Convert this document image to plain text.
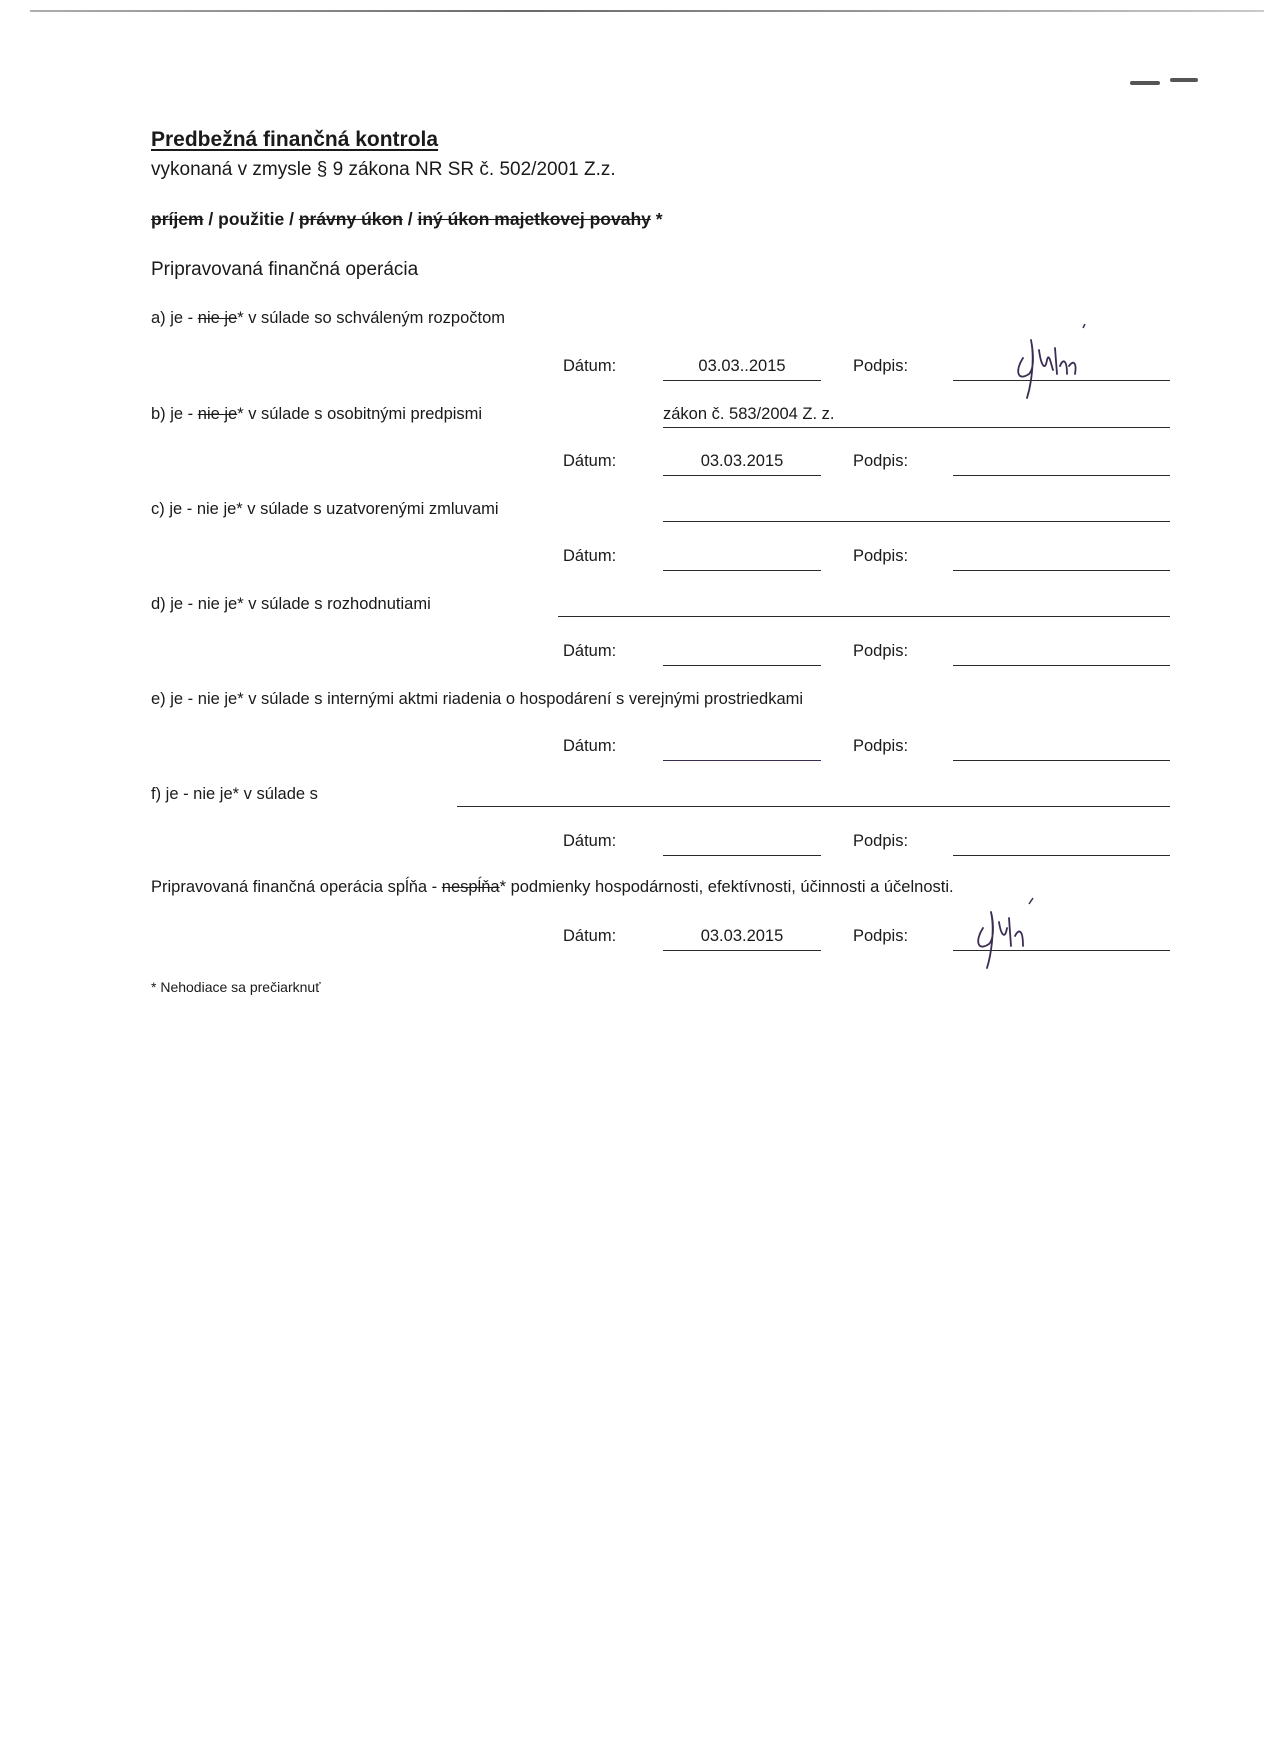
Predbežná finančná kontrola
vykonaná v zmysle § 9 zákona NR SR č. 502/2001 Z.z.
príjem / použitie / právny úkon / iný úkon majetkovej povahy *
Pripravovaná finančná operácia
a) je - nie je* v súlade so schváleným rozpočtom
Dátum:	03.03..2015	Podpis:
b) je - nie je* v súlade s osobitnými predpismi	zákon č. 583/2004 Z. z.
Dátum:	03.03.2015	Podpis:
c) je - nie je* v súlade s uzatvorenými zmluvami
Dátum:	Podpis:
d) je - nie je* v súlade s rozhodnutiami
Dátum:	Podpis:
e) je - nie je* v súlade s internými aktmi riadenia o hospodárení s verejnými prostriedkami
Dátum:	Podpis:
f) je - nie je* v súlade s
Dátum:	Podpis:
Pripravovaná finančná operácia spĺňa - nespĺňa* podmienky hospodárnosti, efektívnosti, účinnosti a účelnosti.
Dátum:	03.03.2015	Podpis:
* Nehodiace sa prečiarknuť
